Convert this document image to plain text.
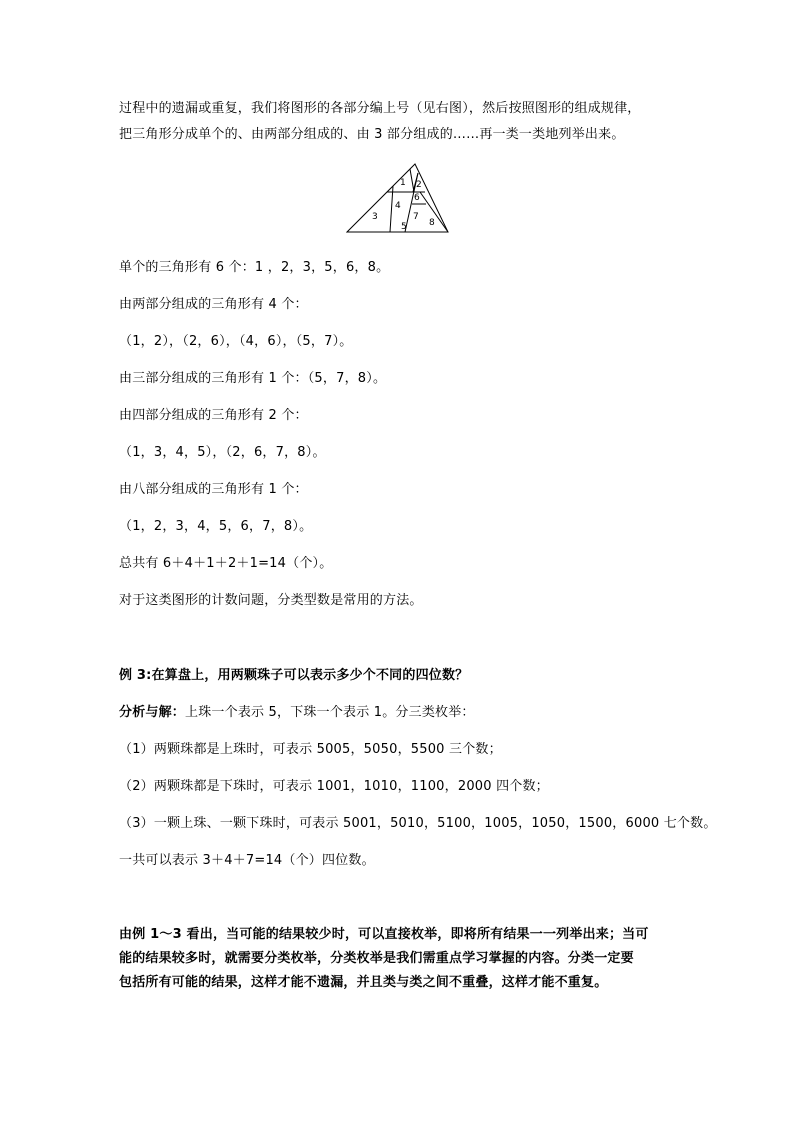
过程中的遗漏或重复，我们将图形的各部分编上号（见右图），然后按照图形的组成规律，
把三角形分成单个的、由两部分组成的、由 3 部分组成的……再一类一类地列举出来。
1 2
3
4
5
6
7
8
单个的三角形有 6 个：1 ，2，3，5，6，8。
由两部分组成的三角形有 4 个：
（1，2），（2，6），（4，6），（5，7）。
由三部分组成的三角形有 1 个：（5，7，8）。
由四部分组成的三角形有 2 个：
（1，3，4，5），（2，6，7，8）。
由八部分组成的三角形有 1 个：
（1，2，3，4，5，6，7，8）。
总共有 6＋4＋1＋2＋1=14（个）。
对于这类图形的计数问题，分类型数是常用的方法。
例 3:在算盘上，用两颗珠子可以表示多少个不同的四位数？
分析与解：上珠一个表示 5，下珠一个表示 1。分三类枚举：
（1）两颗珠都是上珠时，可表示 5005，5050，5500 三个数；
（2）两颗珠都是下珠时，可表示 1001，1010，1100，2000 四个数；
（3）一颗上珠、一颗下珠时，可表示 5001，5010，5100，1005，1050，1500，6000 七个数。
一共可以表示 3＋4＋7=14（个）四位数。
由例 1～3 看出，当可能的结果较少时，可以直接枚举，即将所有结果一一列举出来；当可
能的结果较多时，就需要分类枚举，分类枚举是我们需重点学习掌握的内容。分类一定要
包括所有可能的结果，这样才能不遗漏，并且类与类之间不重叠，这样才能不重复。
